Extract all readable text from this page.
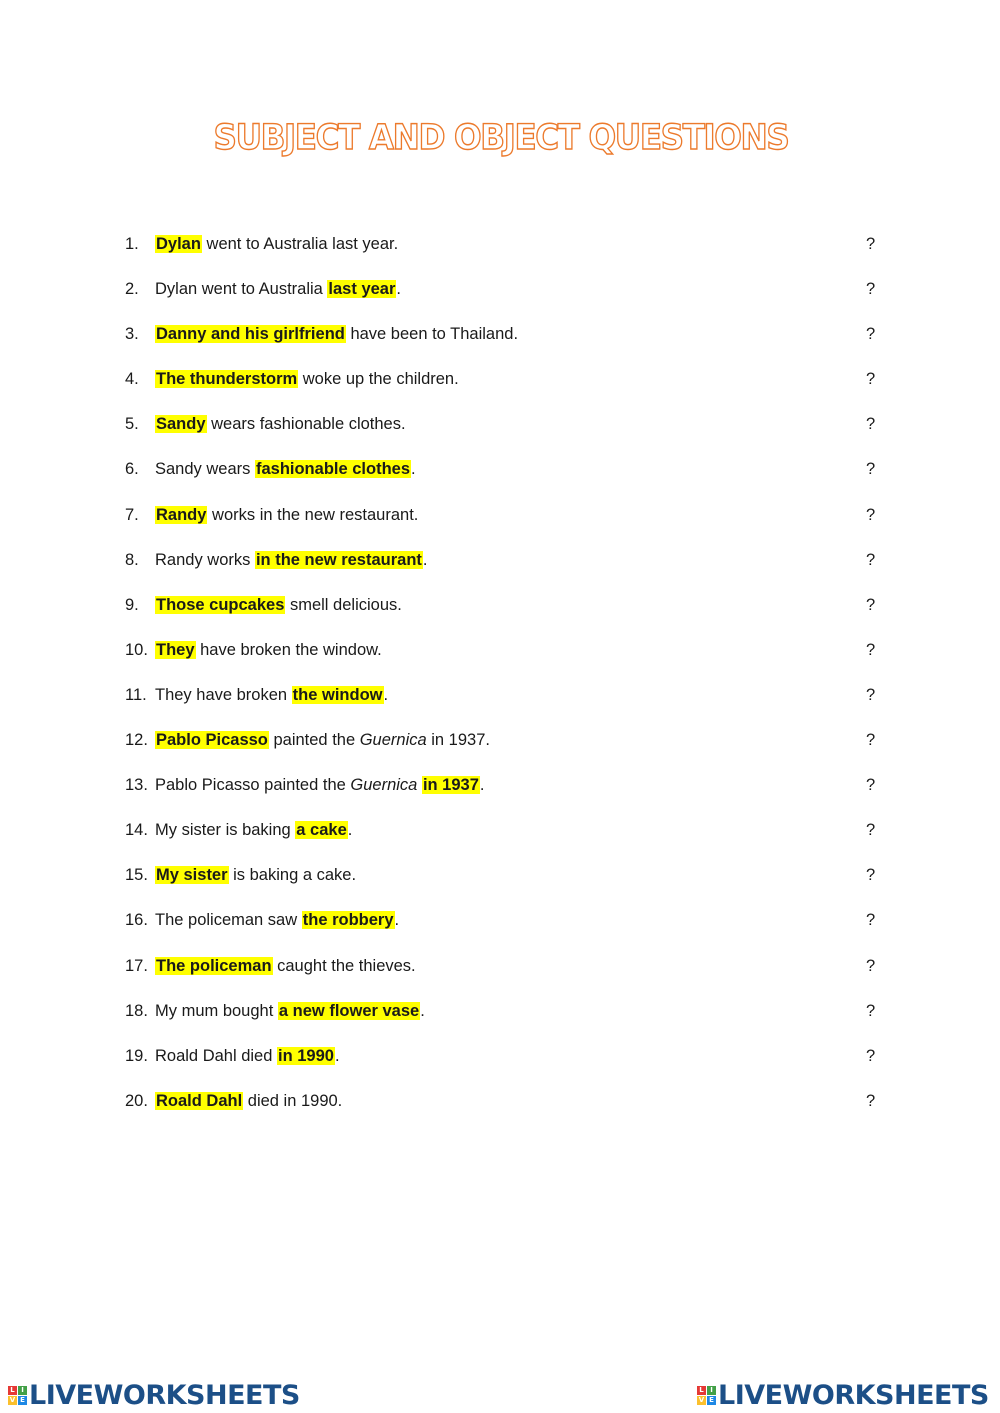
SUBJECT AND OBJECT QUESTIONS
1. Dylan went to Australia last year.	?
2. Dylan went to Australia last year.	?
3. Danny and his girlfriend have been to Thailand.	?
4. The thunderstorm woke up the children.	?
5. Sandy wears fashionable clothes.	?
6. Sandy wears fashionable clothes.	?
7. Randy works in the new restaurant.	?
8. Randy works in the new restaurant.	?
9. Those cupcakes smell delicious.	?
10. They have broken the window.	?
11. They have broken the window.	?
12. Pablo Picasso painted the Guernica in 1937.	?
13. Pablo Picasso painted the Guernica in 1937.	?
14. My sister is baking a cake.	?
15. My sister is baking a cake.	?
16. The policeman saw the robbery.	?
17. The policeman caught the thieves.	?
18. My mum bought a new flower vase.	?
19. Roald Dahl died in 1990.	?
20. Roald Dahl died in 1990.	?
L I
V E LIVEWORKSHEETS	L I
V E LIVEWORKSHEETS
